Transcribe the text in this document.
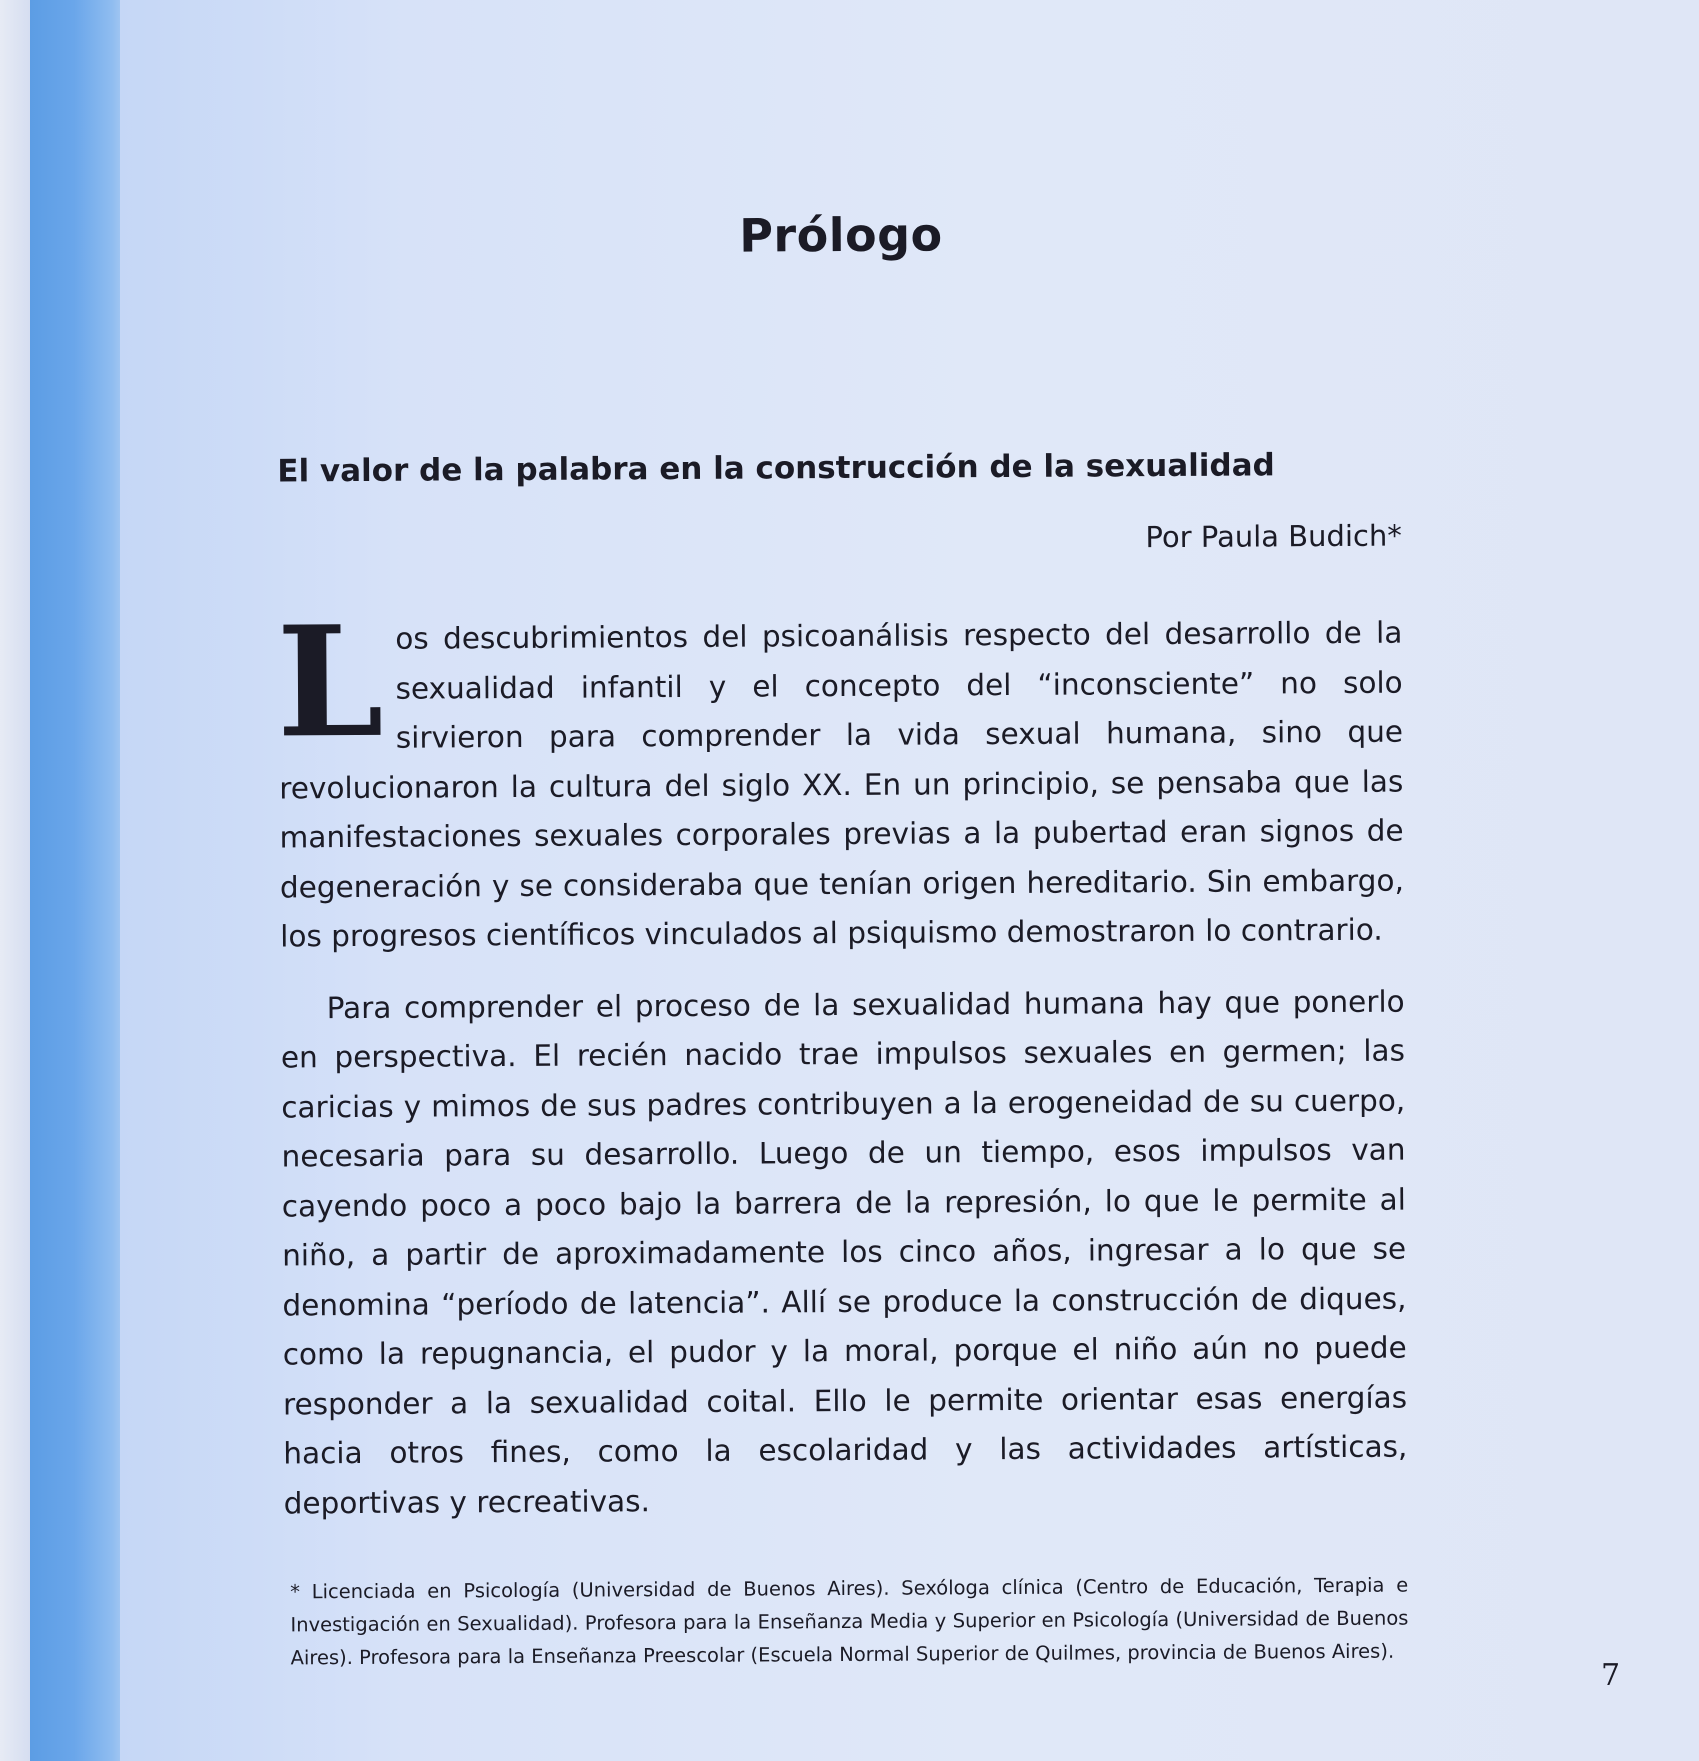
Prólogo
El valor de la palabra en la construcción de la sexualidad
Por Paula Budich*

Los descubrimientos del psicoanálisis respecto del desarrollo de la sexualidad infantil y el concepto del “inconsciente” no solo sirvieron para comprender la vida sexual humana, sino que revolucionaron la cultura del siglo XX. En un principio, se pensaba que las manifestaciones sexuales corporales previas a la pubertad eran signos de degeneración y se consideraba que tenían origen hereditario. Sin embargo, los progresos científicos vinculados al psiquismo demostraron lo contrario.

Para comprender el proceso de la sexualidad humana hay que ponerlo en perspectiva. El recién nacido trae impulsos sexuales en germen; las caricias y mimos de sus padres contribuyen a la erogeneidad de su cuerpo, necesaria para su desarrollo. Luego de un tiempo, esos impulsos van cayendo poco a poco bajo la barrera de la represión, lo que le permite al niño, a partir de aproximadamente los cinco años, ingresar a lo que se denomina “período de latencia”. Allí se produce la construcción de diques, como la repugnancia, el pudor y la moral, porque el niño aún no puede responder a la sexualidad coital. Ello le permite orientar esas energías hacia otros fines, como la escolaridad y las actividades artísticas, deportivas y recreativas.

* Licenciada en Psicología (Universidad de Buenos Aires). Sexóloga clínica (Centro de Educación, Terapia e Investigación en Sexualidad). Profesora para la Enseñanza Media y Superior en Psicología (Universidad de Buenos Aires). Profesora para la Enseñanza Preescolar (Escuela Normal Superior de Quilmes, provincia de Buenos Aires).

7
